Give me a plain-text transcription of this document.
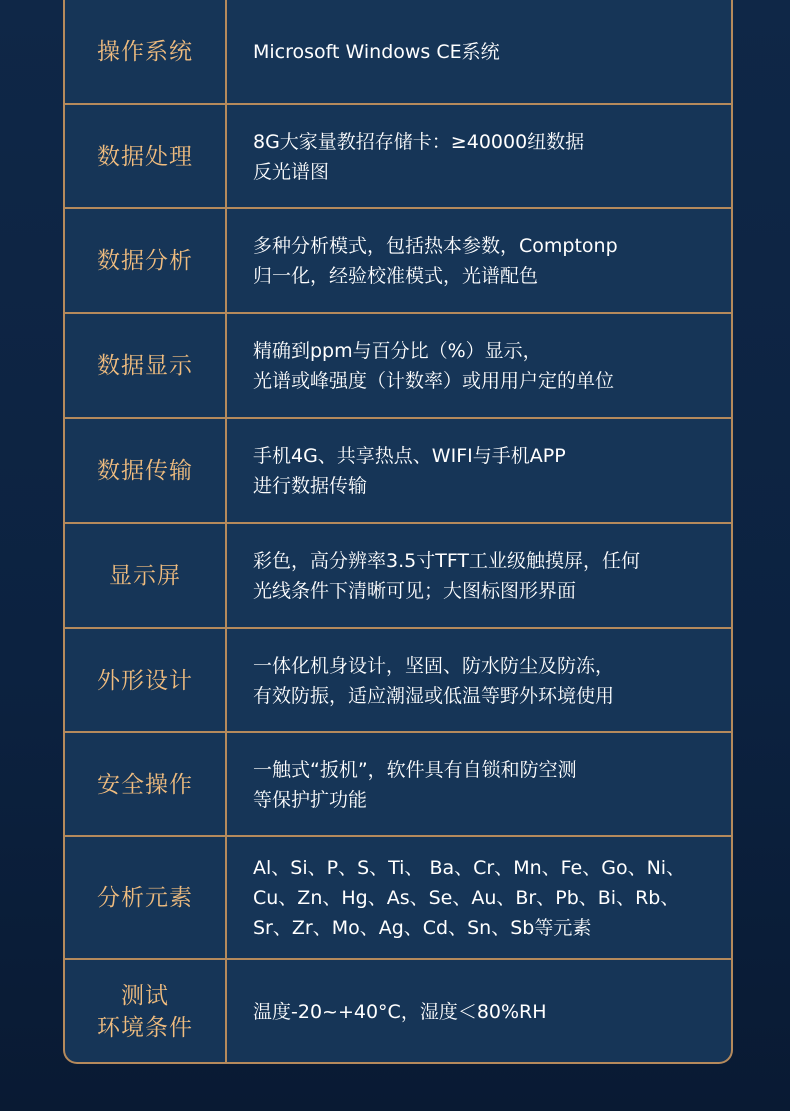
操作系统	Microsoft Windows CE系统
数据处理
8G大家量教招存储卡：≥40000纽数据
反光谱图
数据分析
多种分析模式，包括热本参数，Comptonp
归一化，经验校准模式，光谱配色
数据显示
精确到ppm与百分比（%）显示，
光谱或峰强度（计数率）或用用户定的单位
数据传输
手机4G、共享热点、WIFI与手机APP
进行数据传输
显示屏
彩色，高分辨率3.5寸TFT工业级触摸屏，任何
光线条件下清晰可见；大图标图形界面
外形设计
一体化机身设计，坚固、防水防尘及防冻，
有效防振，适应潮湿或低温等野外环境使用
安全操作
一触式“扳机”，软件具有自锁和防空测
等保护扩功能
分析元素
Al、Si、P、S、Ti、 Ba、Cr、Mn、Fe、Go、Ni、
Cu、Zn、Hg、As、Se、Au、Br、Pb、Bi、Rb、
Sr、Zr、Mo、Ag、Cd、Sn、Sb等元素
测试
环境条件
温度-20~+40°C，湿度＜80%RH
